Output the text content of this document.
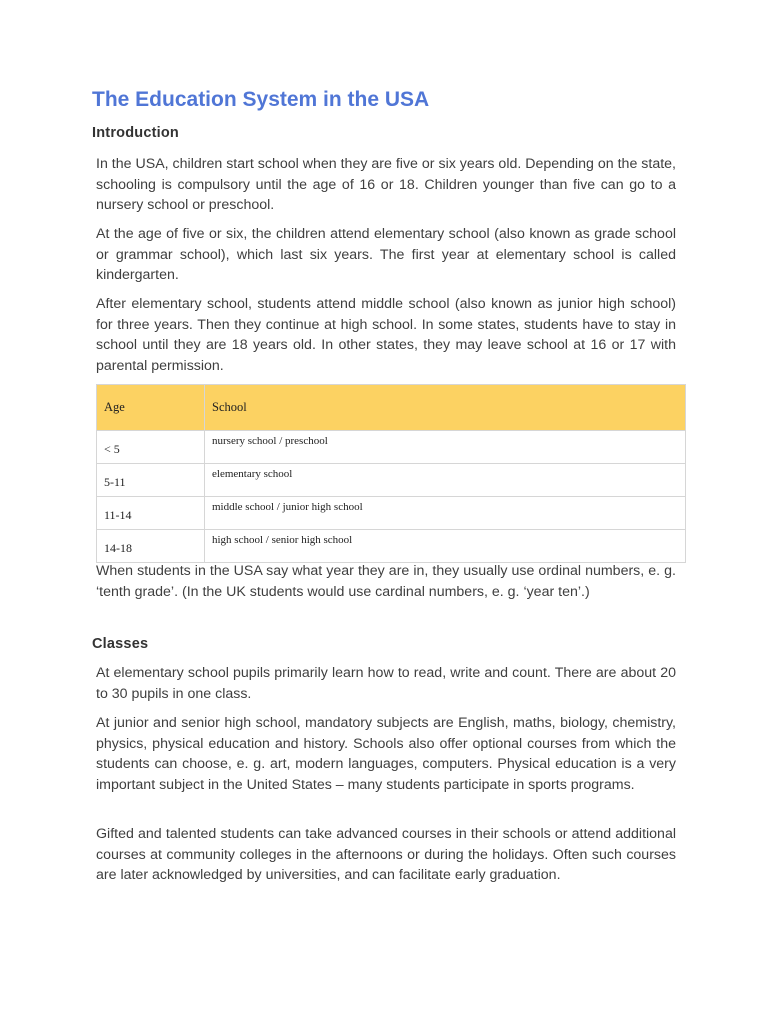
The Education System in the USA
Introduction

In the USA, children start school when they are five or six years old. Depending on the state, schooling is compulsory until the age of 16 or 18. Children younger than five can go to a nursery school or preschool.

At the age of five or six, the children attend elementary school (also known as grade school or grammar school), which last six years. The first year at elementary school is called kindergarten.

After elementary school, students attend middle school (also known as junior high school) for three years. Then they continue at high school. In some states, students have to stay in school until they are 18 years old. In other states, they may leave school at 16 or 17 with parental permission.

Age	School
< 5	nursery school / preschool
5-11	elementary school
11-14	middle school / junior high school
14-18	high school / senior high school

When students in the USA say what year they are in, they usually use ordinal numbers, e. g. ‘tenth grade’. (In the UK students would use cardinal numbers, e. g. ‘year ten’.)

Classes

At elementary school pupils primarily learn how to read, write and count. There are about 20 to 30 pupils in one class.

At junior and senior high school, mandatory subjects are English, maths, biology, chemistry, physics, physical education and history. Schools also offer optional courses from which the students can choose, e. g. art, modern languages, computers. Physical education is a very important subject in the United States – many students participate in sports programs.

Gifted and talented students can take advanced courses in their schools or attend additional courses at community colleges in the afternoons or during the holidays. Often such courses are later acknowledged by universities, and can facilitate early graduation.
